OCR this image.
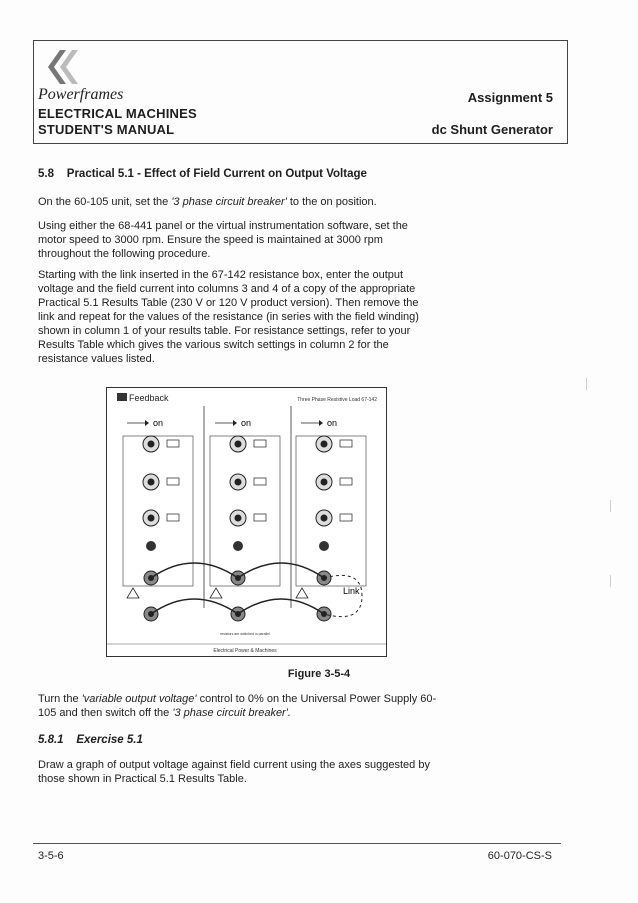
Powerframes
ELECTRICAL MACHINES
STUDENT'S MANUAL
Assignment 5
dc Shunt Generator
5.8 Practical 5.1 - Effect of Field Current on Output Voltage
On the 60-105 unit, set the '3 phase circuit breaker' to the on position.
Using either the 68-441 panel or the virtual instrumentation software, set the motor speed to 3000 rpm. Ensure the speed is maintained at 3000 rpm throughout the following procedure.
Starting with the link inserted in the 67-142 resistance box, enter the output voltage and the field current into columns 3 and 4 of a copy of the appropriate Practical 5.1 Results Table (230 V or 120 V product version). Then remove the link and repeat for the values of the resistance (in series with the field winding) shown in column 1 of your results table. For resistance settings, refer to your Results Table which gives the various switch settings in column 2 for the resistance values listed.
Feedback	Three Phase Resistive Load 67-142
on	on	on
Link
resistors are switched in parallel
Electrical Power & Machines
Figure 3-5-4
Turn the 'variable output voltage' control to 0% on the Universal Power Supply 60-105 and then switch off the '3 phase circuit breaker'.
5.8.1 Exercise 5.1
Draw a graph of output voltage against field current using the axes suggested by those shown in Practical 5.1 Results Table.
3-5-6	60-070-CS-S
